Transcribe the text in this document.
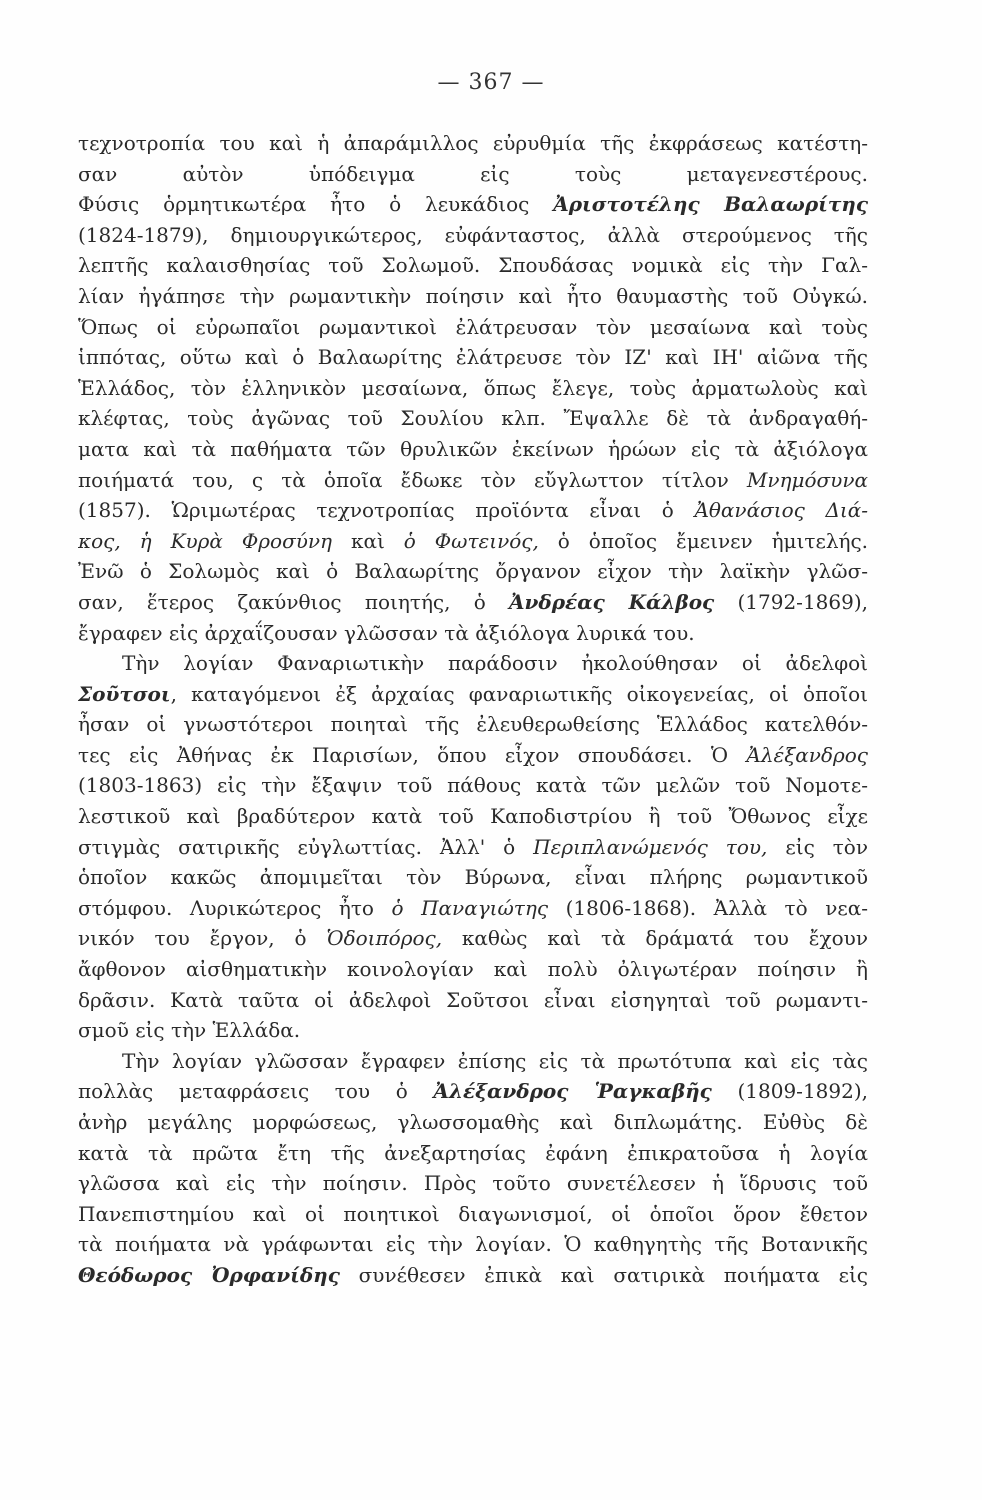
— 367 —
τεχνοτροπία του καὶ ἡ ἀπαράμιλλος εὐρυθμία τῆς ἐκφράσεως κατέστη-
σαν αὐτὸν ὑπόδειγμα εἰς τοὺς μεταγενεστέρους.
Φύσις ὁρμητικωτέρα ἦτο ὁ λευκάδιος Ἀριστοτέλης Βαλαωρίτης
(1824-1879), δημιουργικώτερος, εὐφάνταστος, ἀλλὰ στερούμενος τῆς
λεπτῆς καλαισθησίας τοῦ Σολωμοῦ. Σπουδάσας νομικὰ εἰς τὴν Γαλ-
λίαν ἠγάπησε τὴν ρωμαντικὴν ποίησιν καὶ ἦτο θαυμαστὴς τοῦ Οὐγκώ.
Ὅπως οἱ εὐρωπαῖοι ρωμαντικοὶ ἐλάτρευσαν τὸν μεσαίωνα καὶ τοὺς
ἱππότας, οὕτω καὶ ὁ Βαλαωρίτης ἐλάτρευσε τὸν ΙΖ' καὶ ΙΗ' αἰῶνα τῆς
Ἑλλάδος, τὸν ἑλληνικὸν μεσαίωνα, ὅπως ἔλεγε, τοὺς ἀρματωλοὺς καὶ
κλέφτας, τοὺς ἀγῶνας τοῦ Σουλίου κλπ. Ἔψαλλε δὲ τὰ ἀνδραγαθή-
ματα καὶ τὰ παθήματα τῶν θρυλικῶν ἐκείνων ἡρώων εἰς τὰ ἀξιόλογα
ποιήματά του, ς τὰ ὁποῖα ἔδωκε τὸν εὔγλωττον τίτλον Μνημόσυνα
(1857). Ὡριμωτέρας τεχνοτροπίας προϊόντα εἶναι ὁ Ἀθανάσιος Διά-
κος, ἡ Κυρὰ Φροσύνη καὶ ὁ Φωτεινός, ὁ ὁποῖος ἔμεινεν ἡμιτελής.
Ἐνῶ ὁ Σολωμὸς καὶ ὁ Βαλαωρίτης ὄργανον εἶχον τὴν λαϊκὴν γλῶσ-
σαν, ἕτερος ζακύνθιος ποιητής, ὁ Ἀνδρέας Κάλβος (1792-1869),
ἔγραφεν εἰς ἀρχαΐζουσαν γλῶσσαν τὰ ἀξιόλογα λυρικά του.
Τὴν λογίαν Φαναριωτικὴν παράδοσιν ἠκολούθησαν οἱ ἀδελφοὶ
Σοῦτσοι, καταγόμενοι ἐξ ἀρχαίας φαναριωτικῆς οἰκογενείας, οἱ ὁποῖοι
ἦσαν οἱ γνωστότεροι ποιηταὶ τῆς ἐλευθερωθείσης Ἑλλάδος κατελθόν-
τες εἰς Ἀθήνας ἐκ Παρισίων, ὅπου εἶχον σπουδάσει. Ὁ Ἀλέξανδρος
(1803-1863) εἰς τὴν ἔξαψιν τοῦ πάθους κατὰ τῶν μελῶν τοῦ Νομοτε-
λεστικοῦ καὶ βραδύτερον κατὰ τοῦ Καποδιστρίου ἢ τοῦ Ὄθωνος εἶχε
στιγμὰς σατιρικῆς εὐγλωττίας. Ἀλλ' ὁ Περιπλανώμενός του, εἰς τὸν
ὁποῖον κακῶς ἀπομιμεῖται τὸν Βύρωνα, εἶναι πλήρης ρωμαντικοῦ
στόμφου. Λυρικώτερος ἦτο ὁ Παναγιώτης (1806-1868). Ἀλλὰ τὸ νεα-
νικόν του ἔργον, ὁ Ὁδοιπόρος, καθὼς καὶ τὰ δράματά του ἔχουν
ἄφθονον αἰσθηματικὴν κοινολογίαν καὶ πολὺ ὀλιγωτέραν ποίησιν ἢ
δρᾶσιν. Κατὰ ταῦτα οἱ ἀδελφοὶ Σοῦτσοι εἶναι εἰσηγηταὶ τοῦ ρωμαντι-
σμοῦ εἰς τὴν Ἑλλάδα.
Τὴν λογίαν γλῶσσαν ἔγραφεν ἐπίσης εἰς τὰ πρωτότυπα καὶ εἰς τὰς
πολλὰς μεταφράσεις του ὁ Ἀλέξανδρος Ῥαγκαβῆς (1809-1892),
ἀνὴρ μεγάλης μορφώσεως, γλωσσομαθὴς καὶ διπλωμάτης. Εὐθὺς δὲ
κατὰ τὰ πρῶτα ἔτη τῆς ἀνεξαρτησίας ἐφάνη ἐπικρατοῦσα ἡ λογία
γλῶσσα καὶ εἰς τὴν ποίησιν. Πρὸς τοῦτο συνετέλεσεν ἡ ἵδρυσις τοῦ
Πανεπιστημίου καὶ οἱ ποιητικοὶ διαγωνισμοί, οἱ ὁποῖοι ὅρον ἔθετον
τὰ ποιήματα νὰ γράφωνται εἰς τὴν λογίαν. Ὁ καθηγητὴς τῆς Βοτανικῆς
Θεόδωρος Ὀρφανίδης συνέθεσεν ἐπικὰ καὶ σατιρικὰ ποιήματα εἰς
